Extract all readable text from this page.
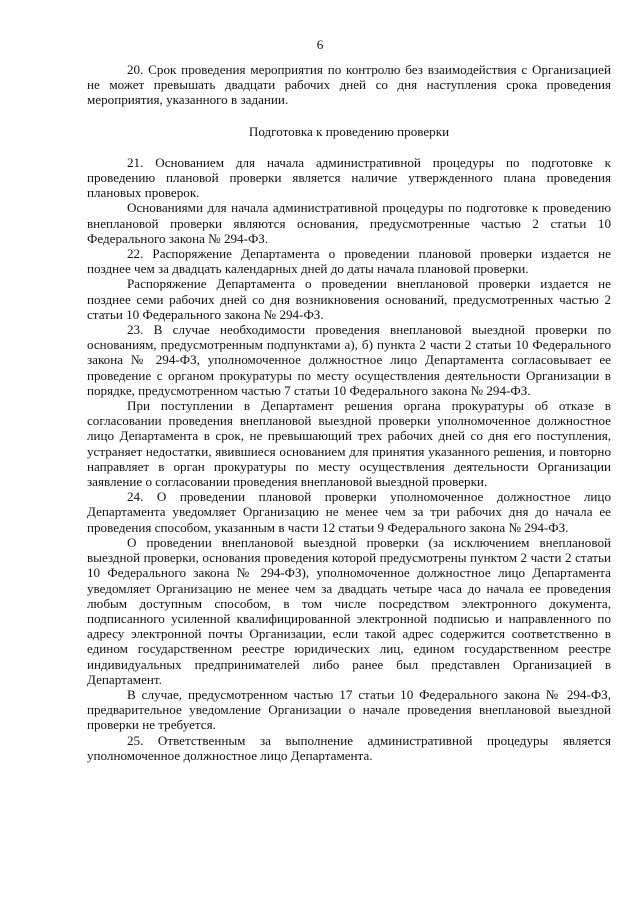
6

20. Срок проведения мероприятия по контролю без взаимодействия с Организацией не может превышать двадцати рабочих дней со дня наступления срока проведения мероприятия, указанного в задании.

Подготовка к проведению проверки

21. Основанием для начала административной процедуры по подготовке к проведению плановой проверки является наличие утвержденного плана проведения плановых проверок.

Основаниями для начала административной процедуры по подготовке к проведению внеплановой проверки являются основания, предусмотренные частью 2 статьи 10 Федерального закона № 294-ФЗ.

22. Распоряжение Департамента о проведении плановой проверки издается не позднее чем за двадцать календарных дней до даты начала плановой проверки.

Распоряжение Департамента о проведении внеплановой проверки издается не позднее семи рабочих дней со дня возникновения оснований, предусмотренных частью 2 статьи 10 Федерального закона № 294-ФЗ.

23. В случае необходимости проведения внеплановой выездной проверки по основаниям, предусмотренным подпунктами а), б) пункта 2 части 2 статьи 10 Федерального закона № 294-ФЗ, уполномоченное должностное лицо Департамента согласовывает ее проведение с органом прокуратуры по месту осуществления деятельности Организации в порядке, предусмотренном частью 7 статьи 10 Федерального закона № 294-ФЗ.

При поступлении в Департамент решения органа прокуратуры об отказе в согласовании проведения внеплановой выездной проверки уполномоченное должностное лицо Департамента в срок, не превышающий трех рабочих дней со дня его поступления, устраняет недостатки, явившиеся основанием для принятия указанного решения, и повторно направляет в орган прокуратуры по месту осуществления деятельности Организации заявление о согласовании проведения внеплановой выездной проверки.

24. О проведении плановой проверки уполномоченное должностное лицо Департамента уведомляет Организацию не менее чем за три рабочих дня до начала ее проведения способом, указанным в части 12 статьи 9 Федерального закона № 294-ФЗ.

О проведении внеплановой выездной проверки (за исключением внеплановой выездной проверки, основания проведения которой предусмотрены пунктом 2 части 2 статьи 10 Федерального закона № 294-ФЗ), уполномоченное должностное лицо Департамента уведомляет Организацию не менее чем за двадцать четыре часа до начала ее проведения любым доступным способом, в том числе посредством электронного документа, подписанного усиленной квалифицированной электронной подписью и направленного по адресу электронной почты Организации, если такой адрес содержится соответственно в едином государственном реестре юридических лиц, едином государственном реестре индивидуальных предпринимателей либо ранее был представлен Организацией в Департамент.

В случае, предусмотренном частью 17 статьи 10 Федерального закона № 294-ФЗ, предварительное уведомление Организации о начале проведения внеплановой выездной проверки не требуется.

25. Ответственным за выполнение административной процедуры является уполномоченное должностное лицо Департамента.
